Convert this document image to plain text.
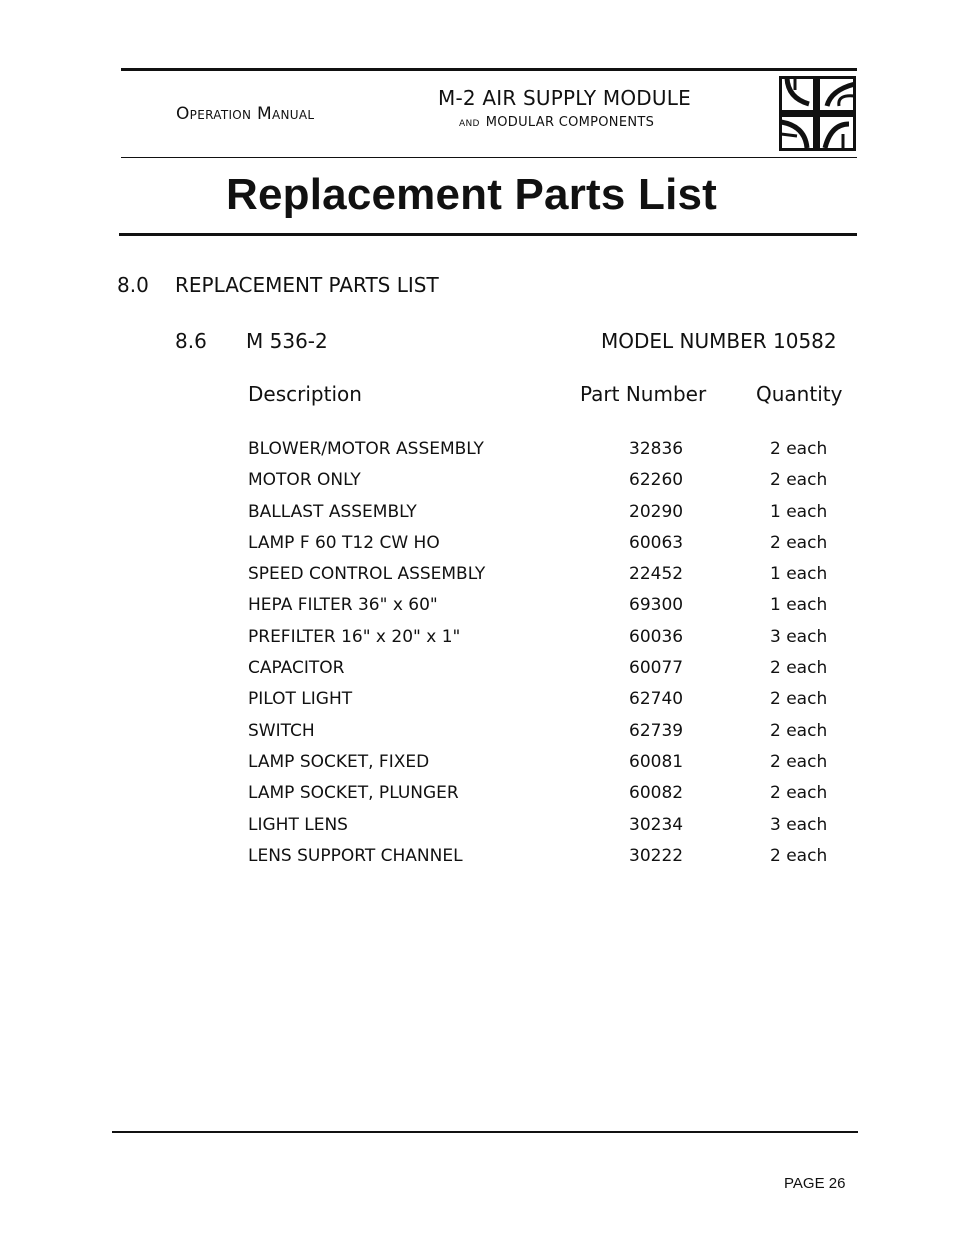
Operation Manual
M-2 AIR SUPPLY MODULE
AND MODULAR COMPONENTS
Replacement Parts List
8.0 REPLACEMENT PARTS LIST
8.6 M 536-2	MODEL NUMBER 10582
Description	Part Number Quantity
BLOWER/MOTOR ASSEMBLY	32836	2 each
MOTOR ONLY	62260	2 each
BALLAST ASSEMBLY	20290	1 each
LAMP F 60 T12 CW HO	60063	2 each
SPEED CONTROL ASSEMBLY	22452	1 each
HEPA FILTER 36" x 60"	69300	1 each
PREFILTER 16" x 20" x 1"	60036	3 each
CAPACITOR	60077	2 each
PILOT LIGHT	62740	2 each
SWITCH	62739	2 each
LAMP SOCKET, FIXED	60081	2 each
LAMP SOCKET, PLUNGER	60082	2 each
LIGHT LENS	30234	3 each
LENS SUPPORT CHANNEL	30222	2 each
PAGE 26
